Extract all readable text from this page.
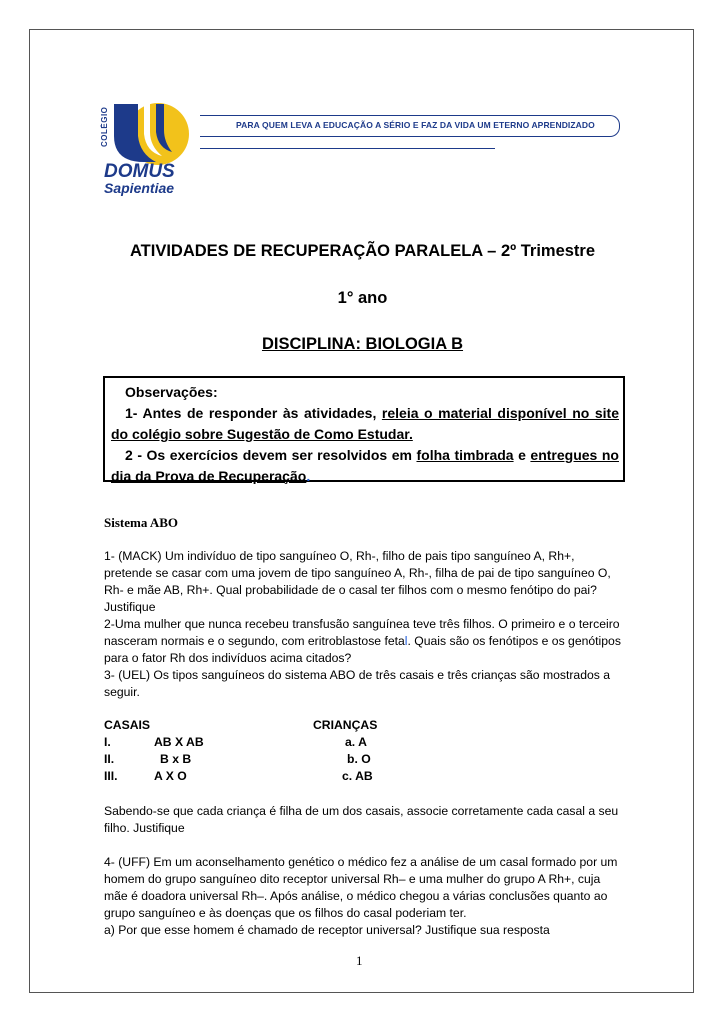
COLÉGIO
DOMUS
Sapientiae
PARA QUEM LEVA A EDUCAÇÃO A SÉRIO E FAZ DA VIDA UM ETERNO APRENDIZADO
ATIVIDADES DE RECUPERAÇÃO PARALELA – 2º Trimestre
1° ano
DISCIPLINA: BIOLOGIA B

Observações:

1- Antes de responder às atividades, releia o material disponível no site do colégio sobre Sugestão de Como Estudar.

2 - Os exercícios devem ser resolvidos em folha timbrada e entregues no dia da Prova de Recuperação.

Sistema ABO

1- (MACK) Um indivíduo de tipo sanguíneo O, Rh-, filho de pais tipo sanguíneo A, Rh+, pretende se casar com uma jovem de tipo sanguíneo A, Rh-, filha de pai de tipo sanguíneo O, Rh- e mãe AB, Rh+. Qual probabilidade de o casal ter filhos com o mesmo fenótipo do pai? Justifique

2-Uma mulher que nunca recebeu transfusão sanguínea teve três filhos. O primeiro e o terceiro nasceram normais e o segundo, com eritroblastose fetal. Quais são os fenótipos e os genótipos para o fator Rh dos indivíduos acima citados?

3- (UEL) Os tipos sanguíneos do sistema ABO de três casais e três crianças são mostrados a seguir.
CASAIS	CRIANÇAS
I.	AB X AB	a. A
II.	B x B	b. O
III.	A X O	c. AB
Sabendo-se que cada criança é filha de um dos casais, associe corretamente cada casal a seu filho. Justifique

4- (UFF) Em um aconselhamento genético o médico fez a análise de um casal formado por um homem do grupo sanguíneo dito receptor universal Rh– e uma mulher do grupo A Rh+, cuja mãe é doadora universal Rh–. Após análise, o médico chegou a várias conclusões quanto ao grupo sanguíneo e às doenças que os filhos do casal poderiam ter.

a) Por que esse homem é chamado de receptor universal? Justifique sua resposta

1
